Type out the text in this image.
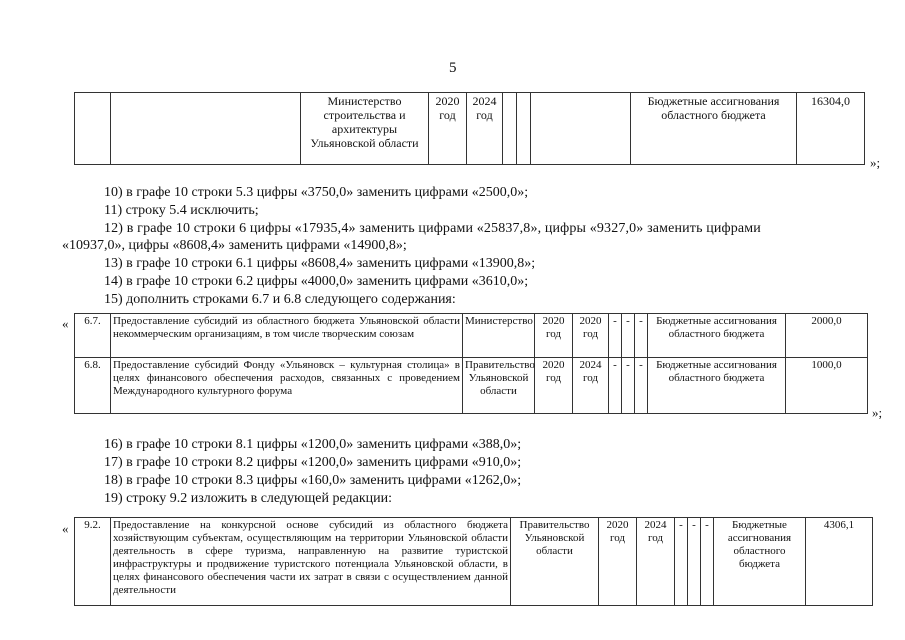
5
		Министерство строительства и архитектуры Ульяновской области	2020 год	2024 год				Бюджетные ассигнования областного бюджета	16304,0
»;
10) в графе 10 строки 5.3 цифры «3750,0» заменить цифрами «2500,0»;
11) строку 5.4 исключить;
12) в графе 10 строки 6 цифры «17935,4» заменить цифрами «25837,8», цифры «9327,0» заменить цифрами
«10937,0», цифры «8608,4» заменить цифрами «14900,8»;
13) в графе 10 строки 6.1 цифры «8608,4» заменить цифрами «13900,8»;
14) в графе 10 строки 6.2 цифры «4000,0» заменить цифрами «3610,0»;
15) дополнить строками 6.7 и 6.8 следующего содержания:
« 6.7.	Предоставление субсидий из областного бюджета Ульяновской области некоммерческим организациям, в том числе творческим союзам	Министерство	2020 год	2020 год	-	-	-	Бюджетные ассигнования областного бюджета	2000,0
6.8.	Предоставление субсидий Фонду «Ульяновск – культурная столица» в целях финансового обеспечения расходов, связанных с проведением Международного культурного форума	Правительство Ульяновской области	2020 год	2024 год	-	-	-	Бюджетные ассигнования областного бюджета	1000,0
»;
16) в графе 10 строки 8.1 цифры «1200,0» заменить цифрами «388,0»;
17) в графе 10 строки 8.2 цифры «1200,0» заменить цифрами «910,0»;
18) в графе 10 строки 8.3 цифры «160,0» заменить цифрами «1262,0»;
19) строку 9.2 изложить в следующей редакции:
« 9.2.	Предоставление на конкурсной основе субсидий из областного бюджета хозяйствующим субъектам, осуществляющим на территории Ульяновской области деятельность в сфере туризма, направленную на развитие туристской инфраструктуры и продвижение туристского потенциала Ульяновской области, в целях финансового обеспечения части их затрат в связи с осуществлением данной деятельности	Правительство Ульяновской области	2020 год	2024 год	-	-	-	Бюджетные ассигнования областного бюджета	4306,1
